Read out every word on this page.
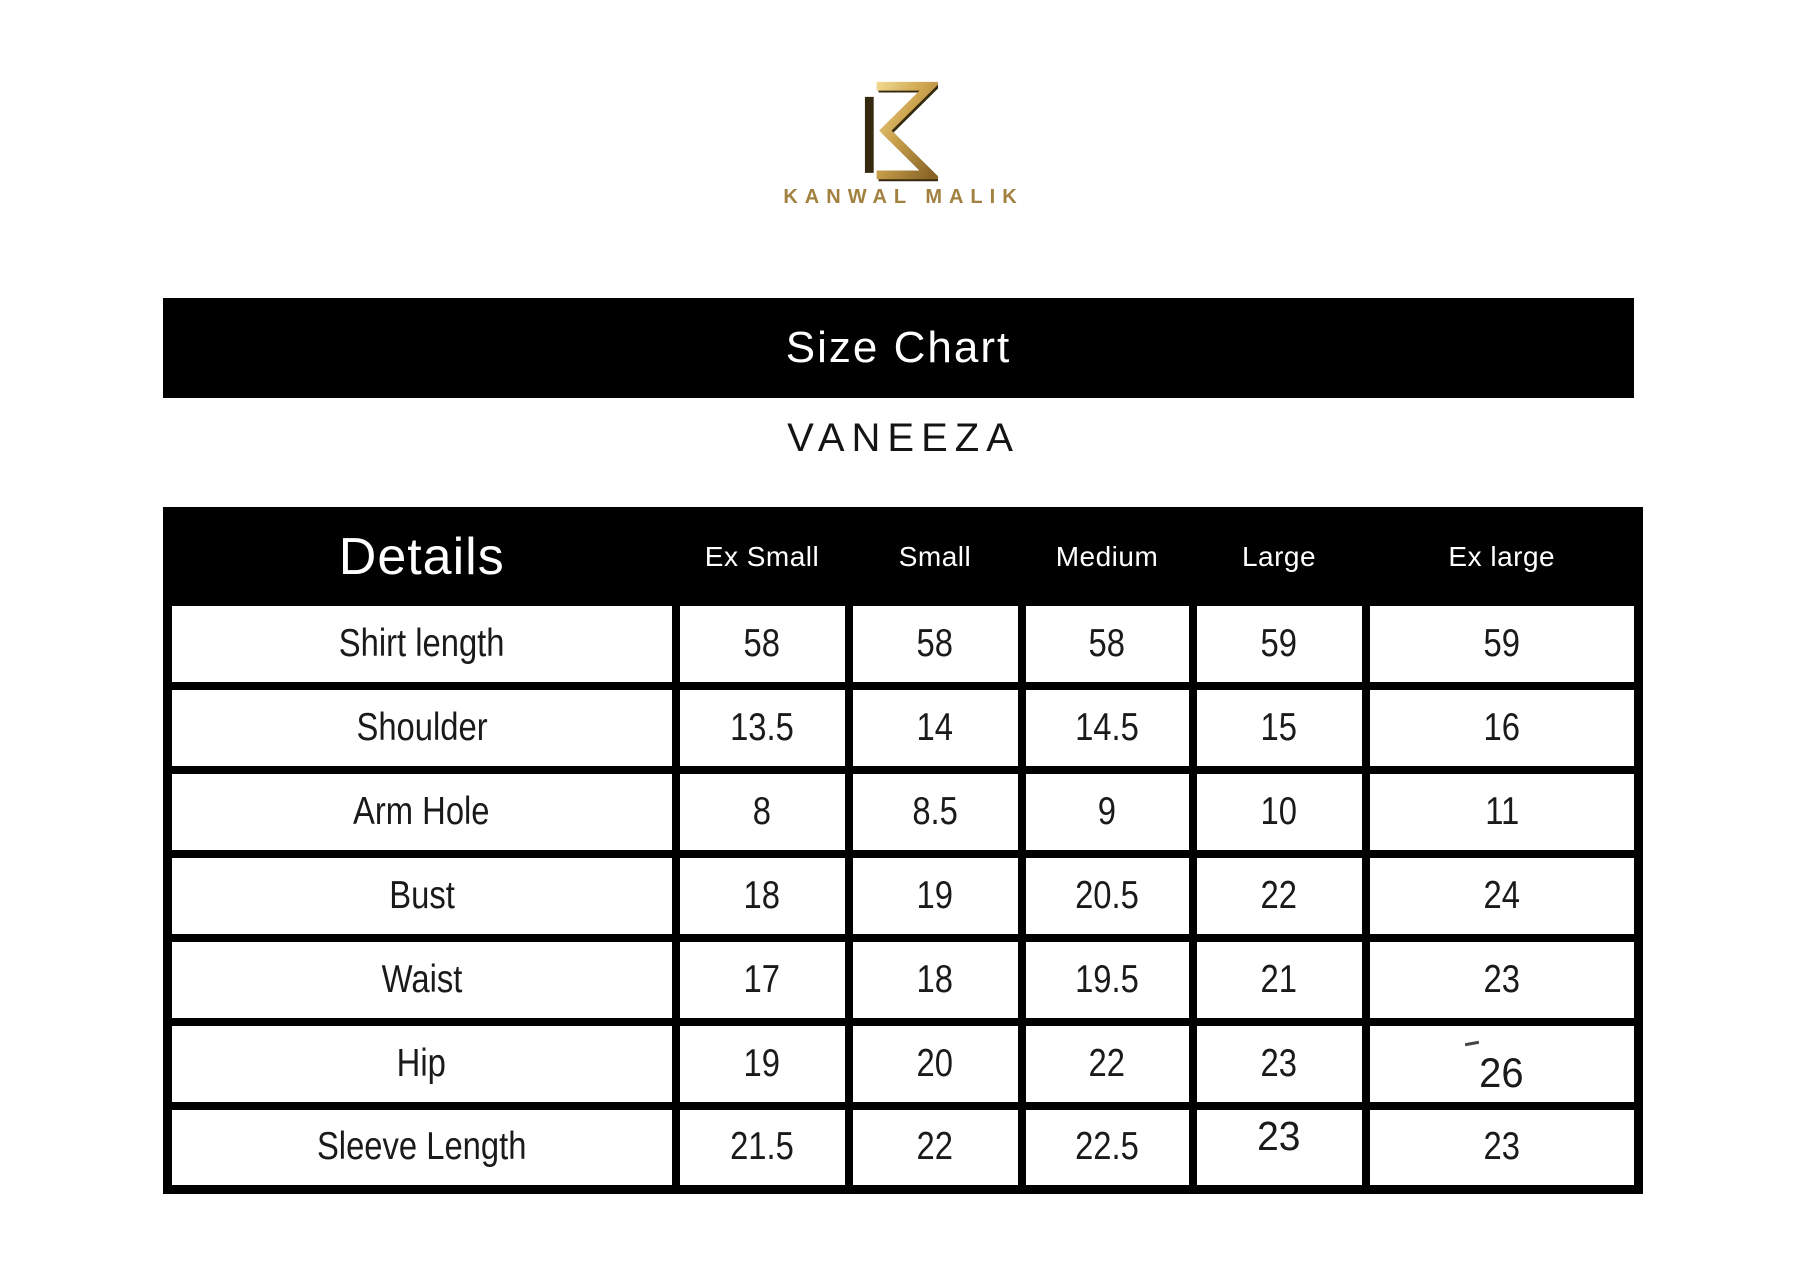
KANWAL MALIK
Size Chart
VANEEZA
Details	Ex Small	Small	Medium	Large	Ex large
Shirt length	58	58	58	59	59
Shoulder	13.5	14	14.5	15	16
Arm Hole	8	8.5	9	10	11
Bust	18	19	20.5	22	24
Waist	17	18	19.5	21	23
Hip	19	20	22	23	26
Sleeve Length	21.5	22	22.5	23	23
